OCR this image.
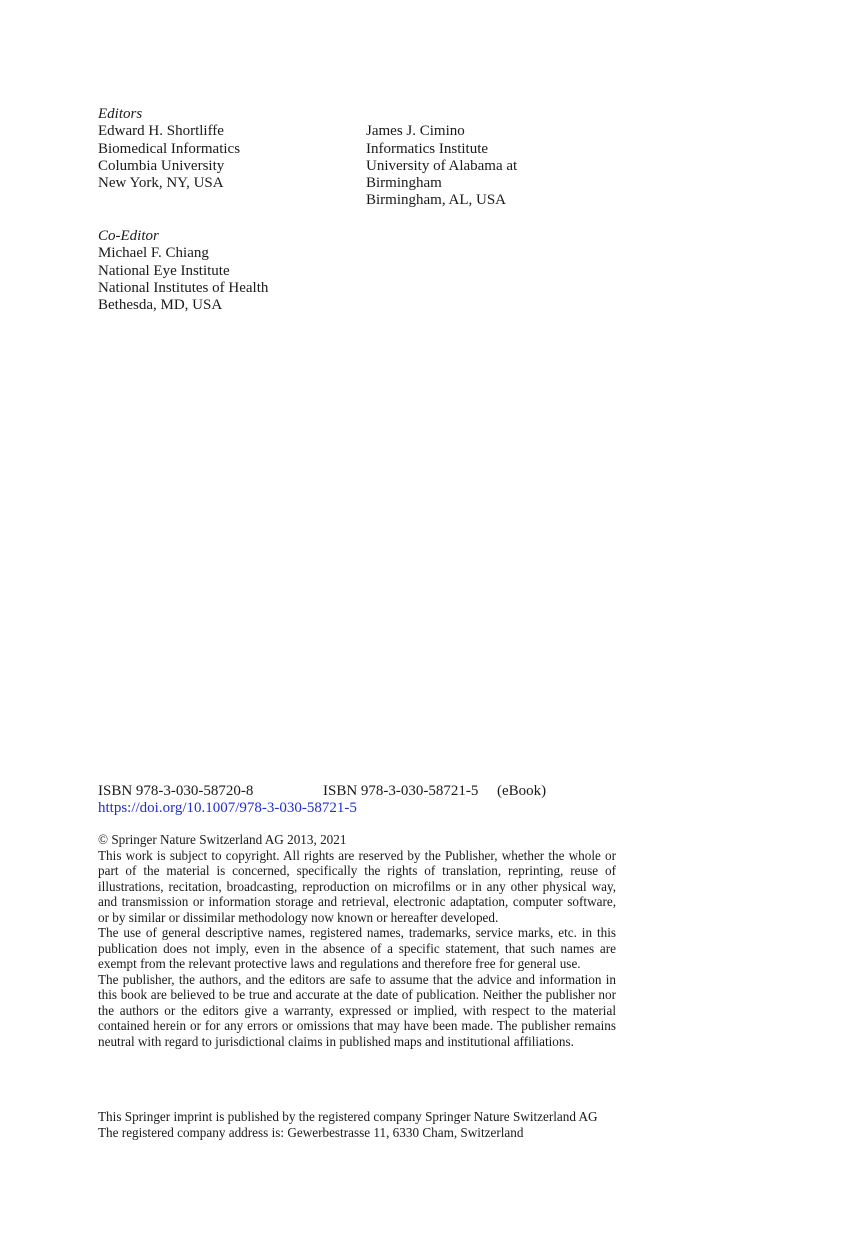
Editors
Edward H. Shortliffe
Biomedical Informatics
Columbia University
New York, NY, USA
James J. Cimino
Informatics Institute
University of Alabama at
Birmingham
Birmingham, AL, USA
Co-Editor
Michael F. Chiang
National Eye Institute
National Institutes of Health
Bethesda, MD, USA
ISBN 978-3-030-58720-8	ISBN 978-3-030-58721-5 (eBook)
https://doi.org/10.1007/978-3-030-58721-5

© Springer Nature Switzerland AG 2013, 2021

This work is subject to copyright. All rights are reserved by the Publisher, whether the whole or part of the material is concerned, specifically the rights of translation, reprinting, reuse of illustrations, recitation, broadcasting, reproduction on microfilms or in any other physical way, and transmission or information storage and retrieval, electronic adaptation, computer software, or by similar or dissimilar methodology now known or hereafter developed.

The use of general descriptive names, registered names, trademarks, service marks, etc. in this publication does not imply, even in the absence of a specific statement, that such names are exempt from the relevant protective laws and regulations and therefore free for general use.

The publisher, the authors, and the editors are safe to assume that the advice and information in this book are believed to be true and accurate at the date of publication. Neither the publisher nor the authors or the editors give a warranty, expressed or implied, with respect to the material contained herein or for any errors or omissions that may have been made. The publisher remains neutral with regard to jurisdictional claims in published maps and institutional affiliations.

This Springer imprint is published by the registered company Springer Nature Switzerland AG

The registered company address is: Gewerbestrasse 11, 6330 Cham, Switzerland
